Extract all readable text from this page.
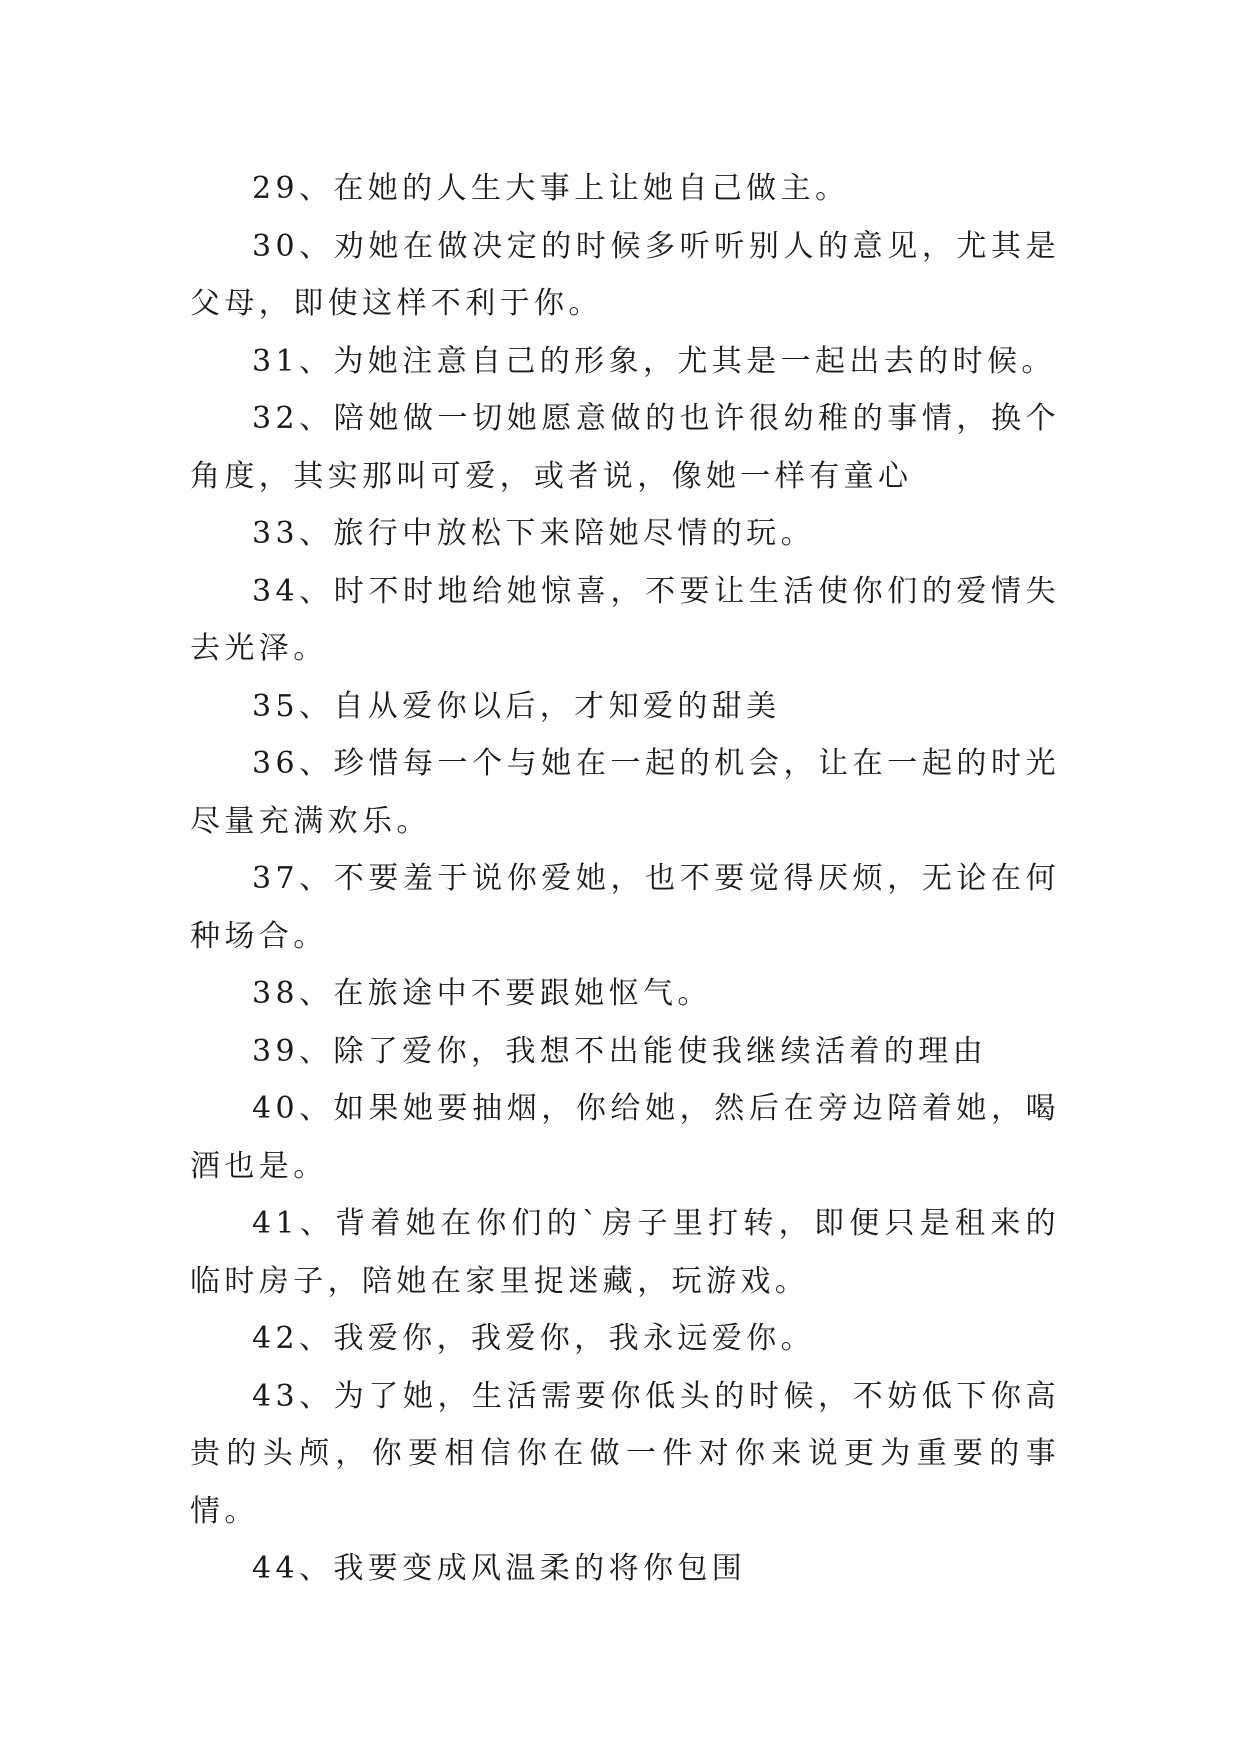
29、在她的人生大事上让她自己做主。

30、劝她在做决定的时候多听听别人的意见，尤其是父母，即使这样不利于你。

31、为她注意自己的形象，尤其是一起出去的时候。

32、陪她做一切她愿意做的也许很幼稚的事情，换个角度，其实那叫可爱，或者说，像她一样有童心

33、旅行中放松下来陪她尽情的玩。

34、时不时地给她惊喜，不要让生活使你们的爱情失去光泽。

35、自从爱你以后，才知爱的甜美

36、珍惜每一个与她在一起的机会，让在一起的时光尽量充满欢乐。

37、不要羞于说你爱她，也不要觉得厌烦，无论在何种场合。

38、在旅途中不要跟她怄气。

39、除了爱你，我想不出能使我继续活着的理由

40、如果她要抽烟，你给她，然后在旁边陪着她，喝酒也是。

41、背着她在你们的`房子里打转，即便只是租来的临时房子，陪她在家里捉迷藏，玩游戏。

42、我爱你，我爱你，我永远爱你。

43、为了她，生活需要你低头的时候，不妨低下你高贵的头颅，你要相信你在做一件对你来说更为重要的事情。

44、我要变成风温柔的将你包围
